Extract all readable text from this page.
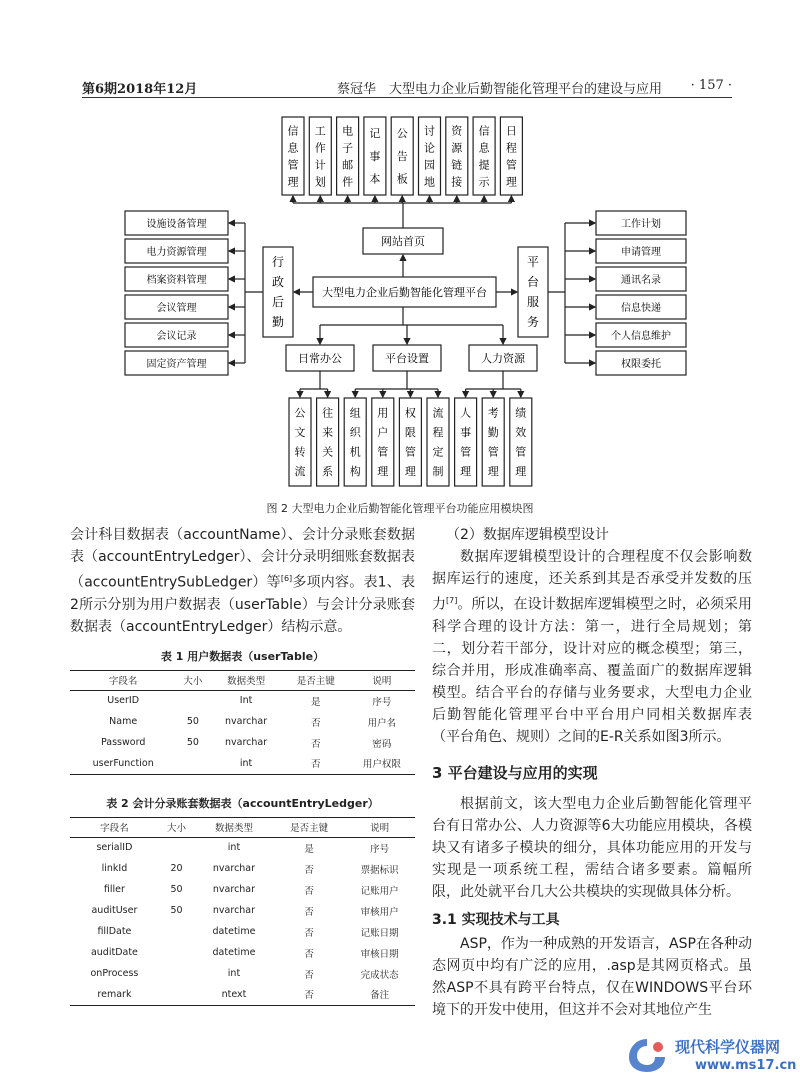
第6期2018年12月	蔡冠华　大型电力企业后勤智能化管理平台的建设与应用 · 157 ·
信息管理
工作计划
电子邮件
记事本
公告板
讨论园地
资源链接
信息提示
日程管理
网站首页
大型电力企业后勤智能化管理平台
行政后勤
平台服务
设施设备管理
电力资源管理
档案资料管理
会议管理
会议记录
固定资产管理
工作计划
申请管理
通讯名录
信息快递
个人信息维护
权限委托
日常办公	平台设置	人力资源
公文转流
往来关系
组织机构
用户管理
权限管理
流程定制
人事管理
考勤管理
绩效管理
图 2 大型电力企业后勤智能化管理平台功能应用模块图

会计科目数据表（accountName）、会计分录账套数据表（accountEntryLedger）、会计分录明细账套数据表（accountEntrySubLedger）等[6]多项内容。表1、表2所示分别为用户数据表（userTable）与会计分录账套数据表（accountEntryLedger）结构示意。

表 1 用户数据表（userTable）
字段名	大小	数据类型	是否主键	说明
UserID		Int	是	序号
Name	50	nvarchar	否	用户名
Password	50	nvarchar	否	密码
userFunction		int	否	用户权限
表 2 会计分录账套数据表（accountEntryLedger）
字段名	大小	数据类型	是否主键	说明
serialID		int	是	序号
linkId	20	nvarchar	否	票据标识
filler	50	nvarchar	否	记账用户
auditUser	50	nvarchar	否	审核用户
fillDate		datetime	否	记账日期
auditDate		datetime	否	审核日期
onProcess		int	否	完成状态
remark		ntext	否	备注

（2）数据库逻辑模型设计

数据库逻辑模型设计的合理程度不仅会影响数据库运行的速度，还关系到其是否承受并发数的压力[7]。所以，在设计数据库逻辑模型之时，必须采用科学合理的设计方法：第一，进行全局规划；第二，划分若干部分，设计对应的概念模型；第三，综合并用，形成准确率高、覆盖面广的数据库逻辑模型。结合平台的存储与业务要求，大型电力企业后勤智能化管理平台中平台用户同相关数据库表（平台角色、规则）之间的E-R关系如图3所示。

3 平台建设与应用的实现

根据前文，该大型电力企业后勤智能化管理平台有日常办公、人力资源等6大功能应用模块，各模块又有诸多子模块的细分，具体功能应用的开发与实现是一项系统工程，需结合诸多要素。篇幅所限，此处就平台几大公共模块的实现做具体分析。

3.1 实现技术与工具

ASP，作为一种成熟的开发语言，ASP在各种动态网页中均有广泛的应用，.asp是其网页格式。虽然ASP不具有跨平台特点，仅在WINDOWS平台环境下的开发中使用，但这并不会对其地位产生

现代科学仪器网
www.ms17.cn
